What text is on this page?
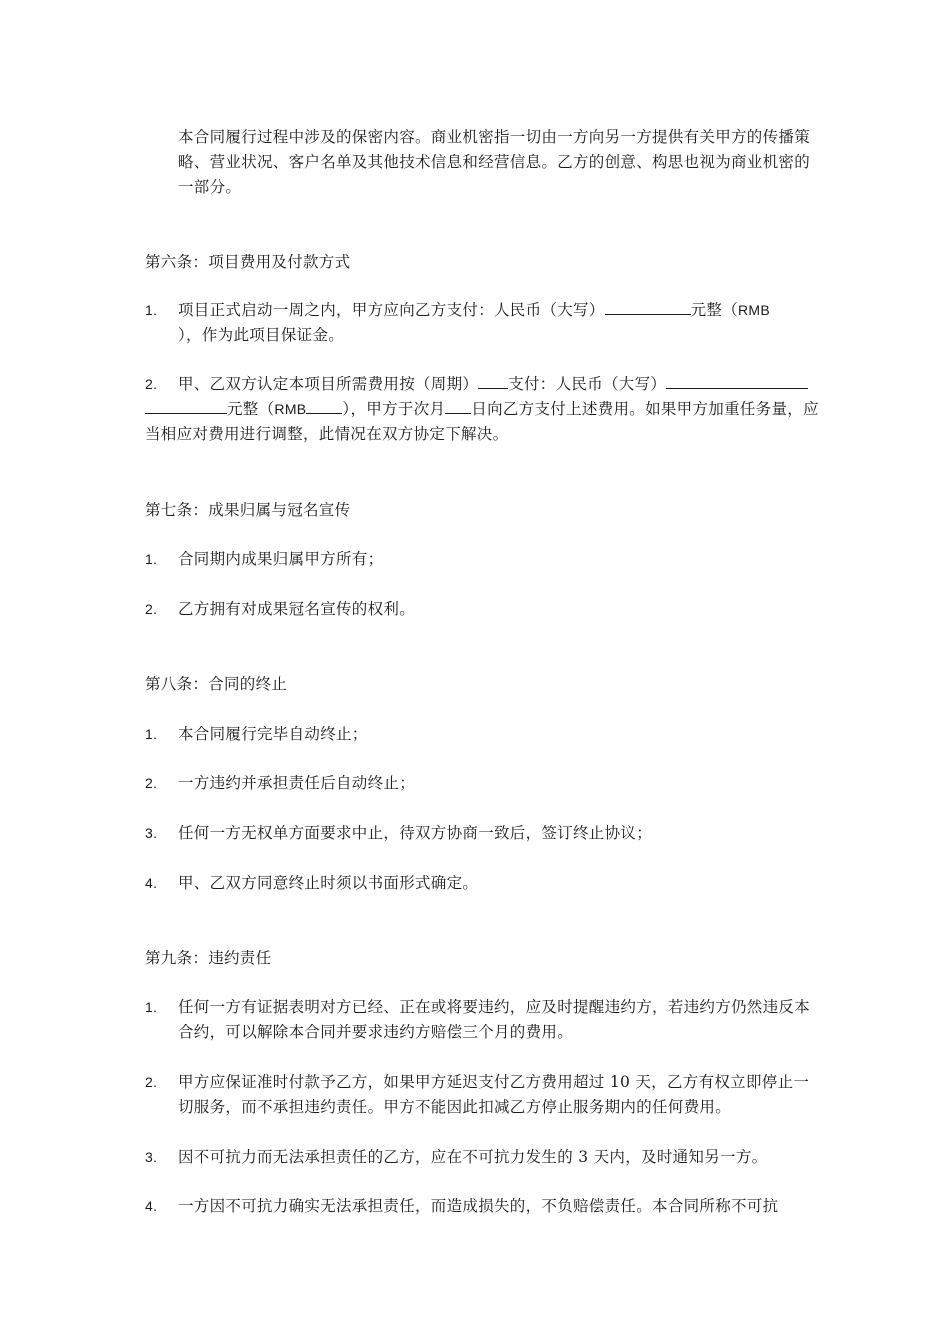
本合同履行过程中涉及的保密内容。商业机密指一切由一方向另一方提供有关甲方的传播策略、营业状况、客户名单及其他技术信息和经营信息。乙方的创意、构思也视为商业机密的一部分。
第六条：项目费用及付款方式
1.	项目正式启动一周之内，甲方应向乙方支付：人民币（大写）	元整（RMB
），作为此项目保证金。
2.	甲、乙双方认定本项目所需费用按（周期） 支付：人民币（大写）
元整（RMB ），甲方于次月 日向乙方支付上述费用。如果甲方加重任务量，应当相应对费用进行调整，此情况在双方协定下解决。
第七条：成果归属与冠名宣传
1.	合同期内成果归属甲方所有；
2.	乙方拥有对成果冠名宣传的权利。
第八条：合同的终止
1.	本合同履行完毕自动终止；
2.	一方违约并承担责任后自动终止；
3.	任何一方无权单方面要求中止，待双方协商一致后，签订终止协议；
4.	甲、乙双方同意终止时须以书面形式确定。
第九条：违约责任
1.	任何一方有证据表明对方已经、正在或将要违约，应及时提醒违约方，若违约方仍然违反本合约，可以解除本合同并要求违约方赔偿三个月的费用。
2.	甲方应保证准时付款予乙方，如果甲方延迟支付乙方费用超过 10 天，乙方有权立即停止一切服务，而不承担违约责任。甲方不能因此扣减乙方停止服务期内的任何费用。
3.	因不可抗力而无法承担责任的乙方，应在不可抗力发生的 3 天内，及时通知另一方。
4.	一方因不可抗力确实无法承担责任，而造成损失的，不负赔偿责任。本合同所称不可抗
